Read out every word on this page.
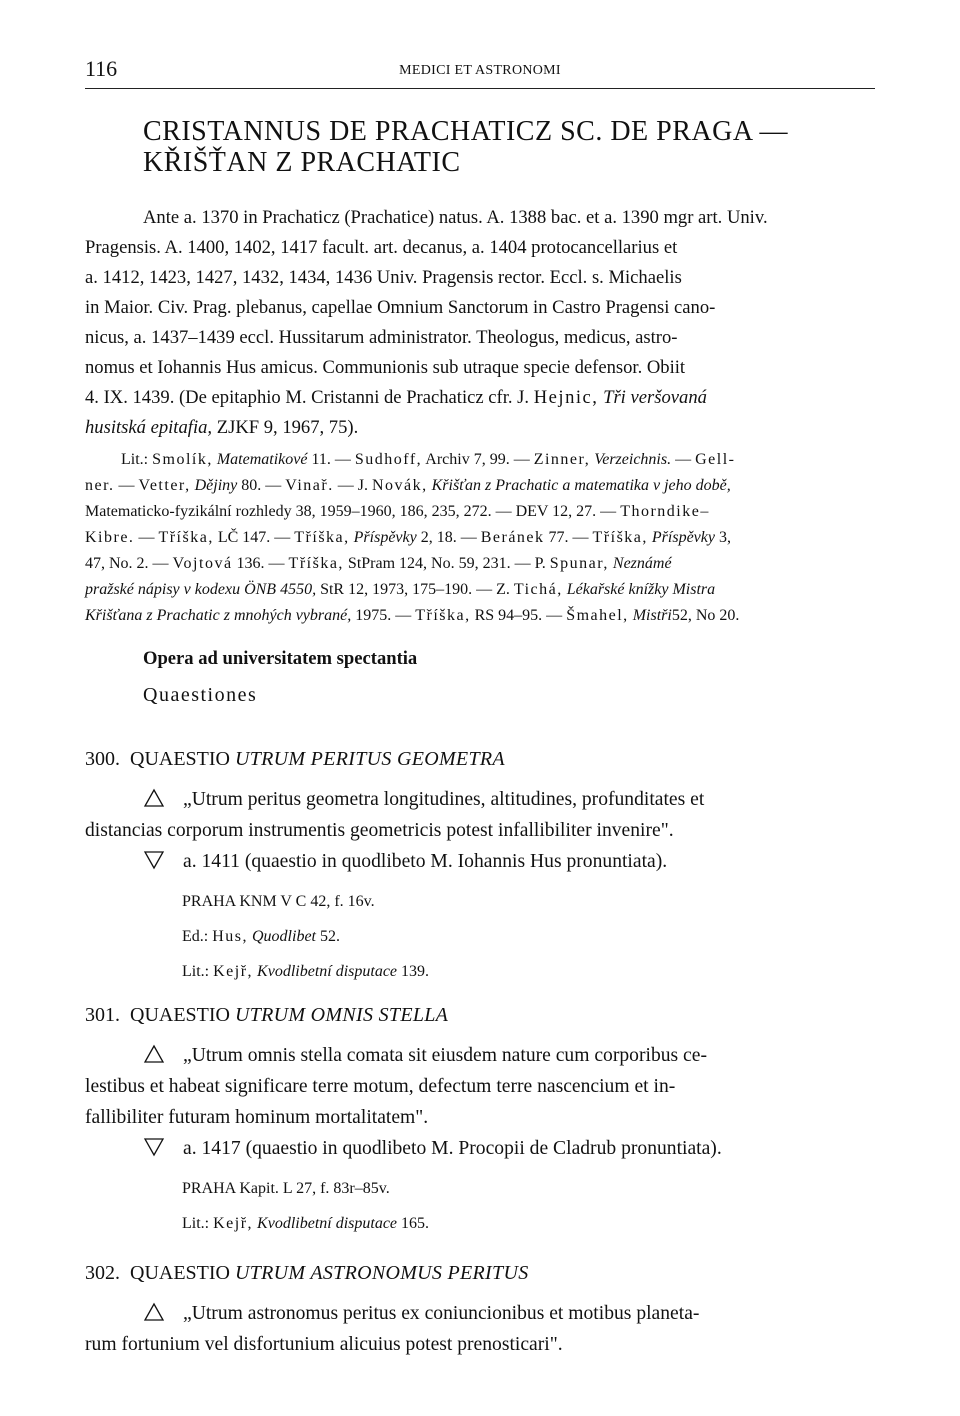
116	MEDICI ET ASTRONOMI
CRISTANNUS DE PRACHATICZ SC. DE PRAGA —
KŘIŠŤAN Z PRACHATIC
Ante a. 1370 in Prachaticz (Prachatice) natus. A. 1388 bac. et a. 1390 mgr art. Univ.
Pragensis. A. 1400, 1402, 1417 facult. art. decanus, a. 1404 protocancellarius et
a. 1412, 1423, 1427, 1432, 1434, 1436 Univ. Pragensis rector. Eccl. s. Michaelis
in Maior. Civ. Prag. plebanus, capellae Omnium Sanctorum in Castro Pragensi cano-
nicus, a. 1437–1439 eccl. Hussitarum administrator. Theologus, medicus, astro-
nomus et Iohannis Hus amicus. Communionis sub utraque specie defensor. Obiit
4. IX. 1439. (De epitaphio M. Cristanni de Prachaticz cfr. J. Hejnic, Tři veršovaná
husitská epitafia, ZJKF 9, 1967, 75).
Lit.: Smolík, Matematikové 11. — Sudhoff, Archiv 7, 99. — Zinner, Verzeichnis. — Gell-
ner. — Vetter, Dějiny 80. — Vinař. — J. Novák, Křišťan z Prachatic a matematika v jeho době,
Matematicko-fyzikální rozhledy 38, 1959–1960, 186, 235, 272. — DEV 12, 27. — Thorndike–
Kibre. — Tříška, LČ 147. — Tříška, Příspěvky 2, 18. — Beránek 77. — Tříška, Příspěvky 3,
47, No. 2. — Vojtová 136. — Tříška, StPram 124, No. 59, 231. — P. Spunar, Neznámé
pražské nápisy v kodexu ÖNB 4550, StR 12, 1973, 175–190. — Z. Tichá, Lékařské knížky Mistra
Křišťana z Prachatic z mnohých vybrané, 1975. — Tříška, RS 94–95. — Šmahel, Mistři52, No 20.
Opera ad universitatem spectantia
Quaestiones
300. QUAESTIO UTRUM PERITUS GEOMETRA
„Utrum peritus geometra longitudines, altitudines, profunditates et
distancias corporum instrumentis geometricis potest infallibiliter invenire".
a. 1411 (quaestio in quodlibeto M. Iohannis Hus pronuntiata).
PRAHA KNM V C 42, f. 16v.
Ed.: Hus, Quodlibet 52.
Lit.: Kejř, Kvodlibetní disputace 139.
301. QUAESTIO UTRUM OMNIS STELLA
„Utrum omnis stella comata sit eiusdem nature cum corporibus ce-
lestibus et habeat significare terre motum, defectum terre nascencium et in-
fallibiliter futuram hominum mortalitatem".
a. 1417 (quaestio in quodlibeto M. Procopii de Cladrub pronuntiata).
PRAHA Kapit. L 27, f. 83r–85v.
Lit.: Kejř, Kvodlibetní disputace 165.
302. QUAESTIO UTRUM ASTRONOMUS PERITUS
„Utrum astronomus peritus ex coniuncionibus et motibus planeta-
rum fortunium vel disfortunium alicuius potest prenosticari".
